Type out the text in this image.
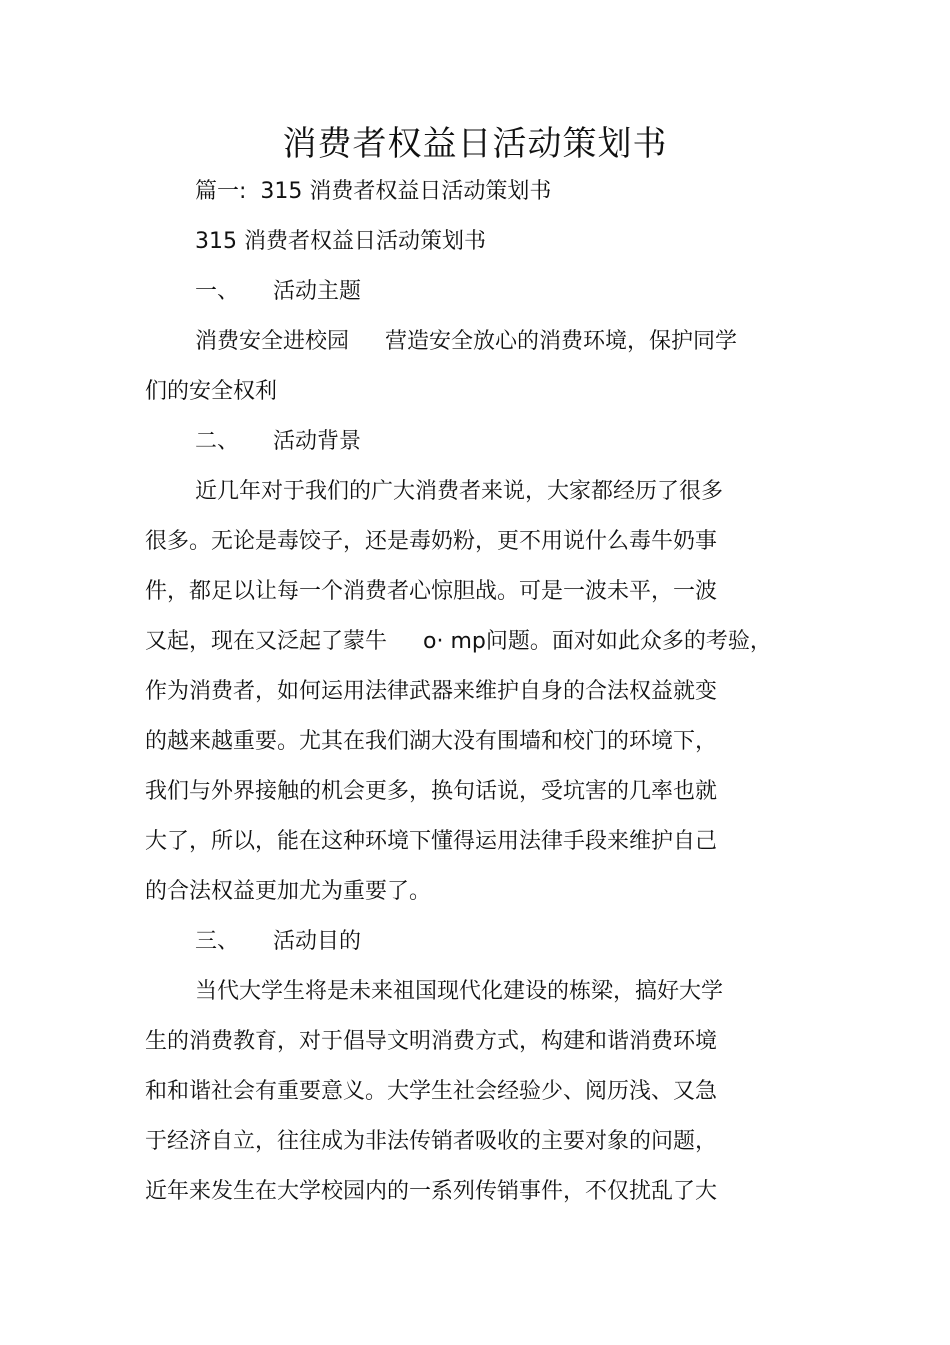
消费者权益日活动策划书
篇一: 315 消费者权益日活动策划书
315 消费者权益日活动策划书
一、 活动主题
消费安全进校园 营造安全放心的消费环境，保护同学
们的安全权利
二、 活动背景
近几年对于我们的广大消费者来说，大家都经历了很多
很多。无论是毒饺子，还是毒奶粉，更不用说什么毒牛奶事
件，都足以让每一个消费者心惊胆战。可是一波未平，一波
又起，现在又泛起了蒙牛 o· mp问题。面对如此众多的考验，
作为消费者，如何运用法律武器来维护自身的合法权益就变
的越来越重要。尤其在我们湖大没有围墙和校门的环境下，
我们与外界接触的机会更多，换句话说，受坑害的几率也就
大了，所以，能在这种环境下懂得运用法律手段来维护自己
的合法权益更加尤为重要了。
三、 活动目的
当代大学生将是未来祖国现代化建设的栋梁，搞好大学
生的消费教育，对于倡导文明消费方式，构建和谐消费环境
和和谐社会有重要意义。大学生社会经验少、阅历浅、又急
于经济自立，往往成为非法传销者吸收的主要对象的问题，
近年来发生在大学校园内的一系列传销事件，不仅扰乱了大
